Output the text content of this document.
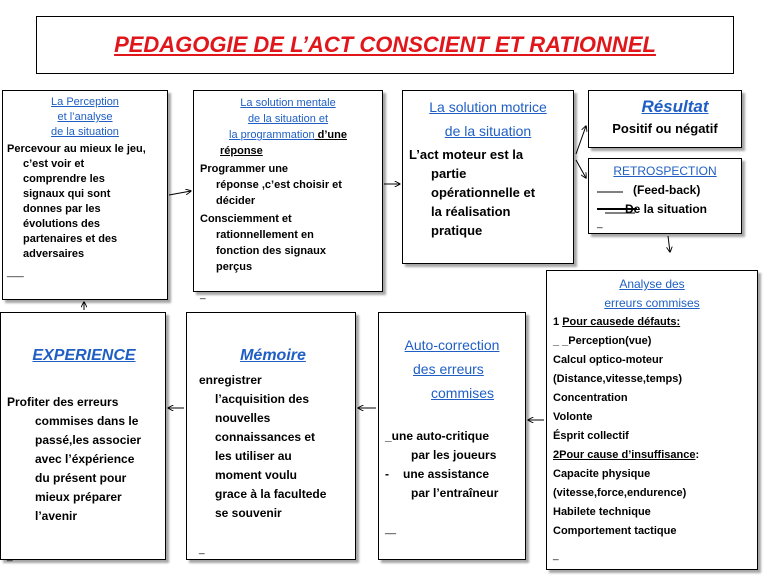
PEDAGOGIE DE L’ACT CONSCIENT ET RATIONNEL
La Perception
et l’analyse
de la situation
Percevour au mieux le jeu,
c’est voir et
comprendre les
signaux qui sont
donnes par les
évolutions des
partenaires et des
adversaires
___
La solution mentale
de la situation et
la programmation d’une
réponse
Programmer une
réponse ,c’est choisir et
décider
Consciemment et
rationnellement en
fonction des signaux
perçus
_
La solution motrice
de la situation
L’act moteur est la
partie
opérationnelle et
la réalisation
pratique
Résultat
Positif ou négatif
RETROSPECTION
(Feed-back)
De la situation
_
Analyse des
erreurs commises
1 Pour causede défauts:
_ _Perception(vue)
Calcul optico-moteur
(Distance,vitesse,temps)
Concentration
Volonte
Ésprit collectif
2Pour cause d’insuffisance:
Capacite physique
(vitesse,force,endurence)
Habilete technique
Comportement tactique
_
Auto-correction
des erreurs
commises
_une auto-critique
par les joueurs
- une assistance
par l’entraîneur
__
Mémoire
enregistrer
l’acquisition des
nouvelles
connaissances et
les utiliser au
moment voulu
grace à la facultede
se souvenir
_
EXPERIENCE
Profiter des erreurs
commises dans le
passé,les associer
avec l’éxpérience
du présent pour
mieux préparer
l’avenir
_
